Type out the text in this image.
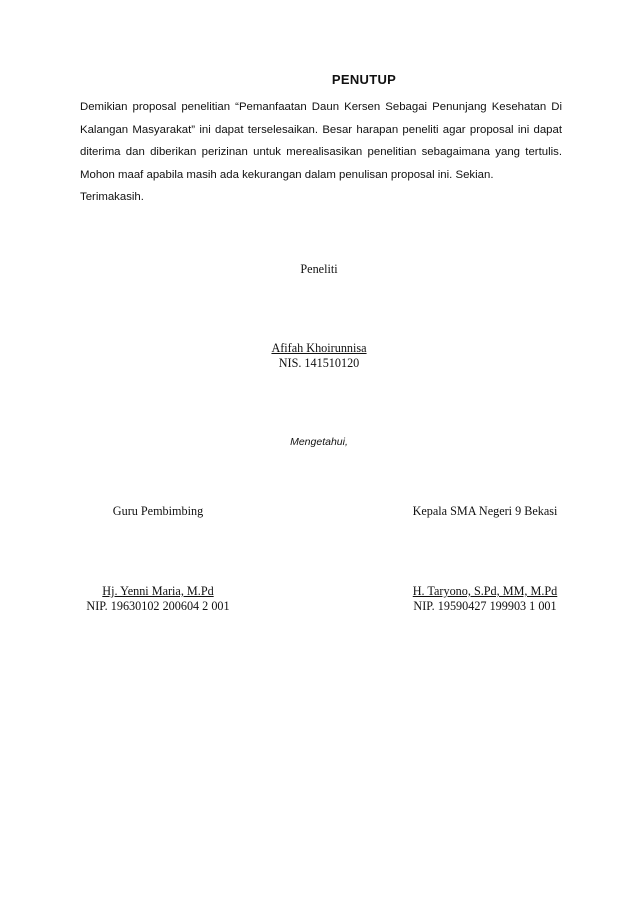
PENUTUP

Demikian proposal penelitian “Pemanfaatan Daun Kersen Sebagai Penunjang Kesehatan Di
Kalangan Masyarakat” ini dapat terselesaikan. Besar harapan peneliti agar proposal ini dapat
diterima dan diberikan perizinan untuk merealisasikan penelitian sebagaimana yang tertulis.
Mohon maaf apabila masih ada kekurangan dalam penulisan proposal ini. Sekian.
Terimakasih.

Peneliti
Afifah Khoirunnisa
NIS. 141510120
Mengetahui,
Guru Pembimbing	Kepala SMA Negeri 9 Bekasi
Hj. Yenni Maria, M.Pd	H. Taryono, S.Pd, MM, M.Pd
NIP. 19630102 200604 2 001	NIP. 19590427 199903 1 001
